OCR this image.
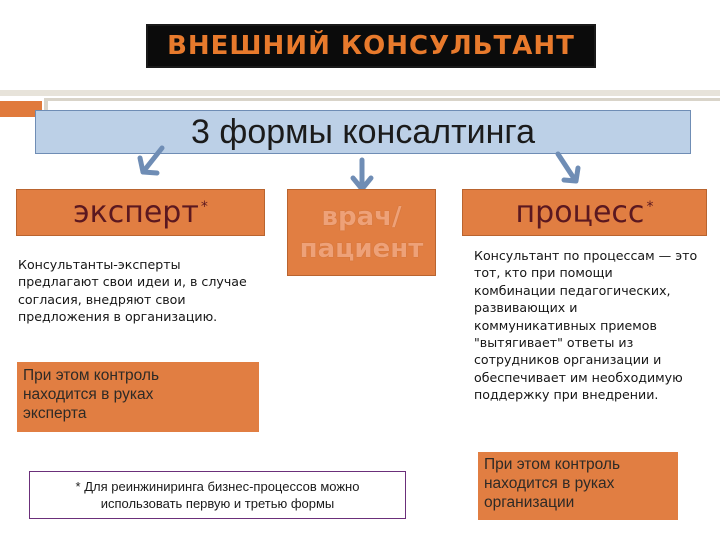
ВНЕШНИЙ КОНСУЛЬТАНТ
3 формы консалтинга
эксперт*	врач/
пациент
процесс*
Консультанты-эксперты
предлагают свои идеи и, в случае
согласия, внедряют свои
предложения в организацию.
При этом контроль
находится в руках
эксперта
Консультант по процессам — это
тот, кто при помощи
комбинации педагогических,
развивающих и
коммуникативных приемов
"вытягивает" ответы из
сотрудников организации и
обеспечивает им необходимую
поддержку при внедрении.
При этом контроль
находится в руках
организации
* Для реинжиниринга бизнес-процессов можно
использовать первую и третью формы
